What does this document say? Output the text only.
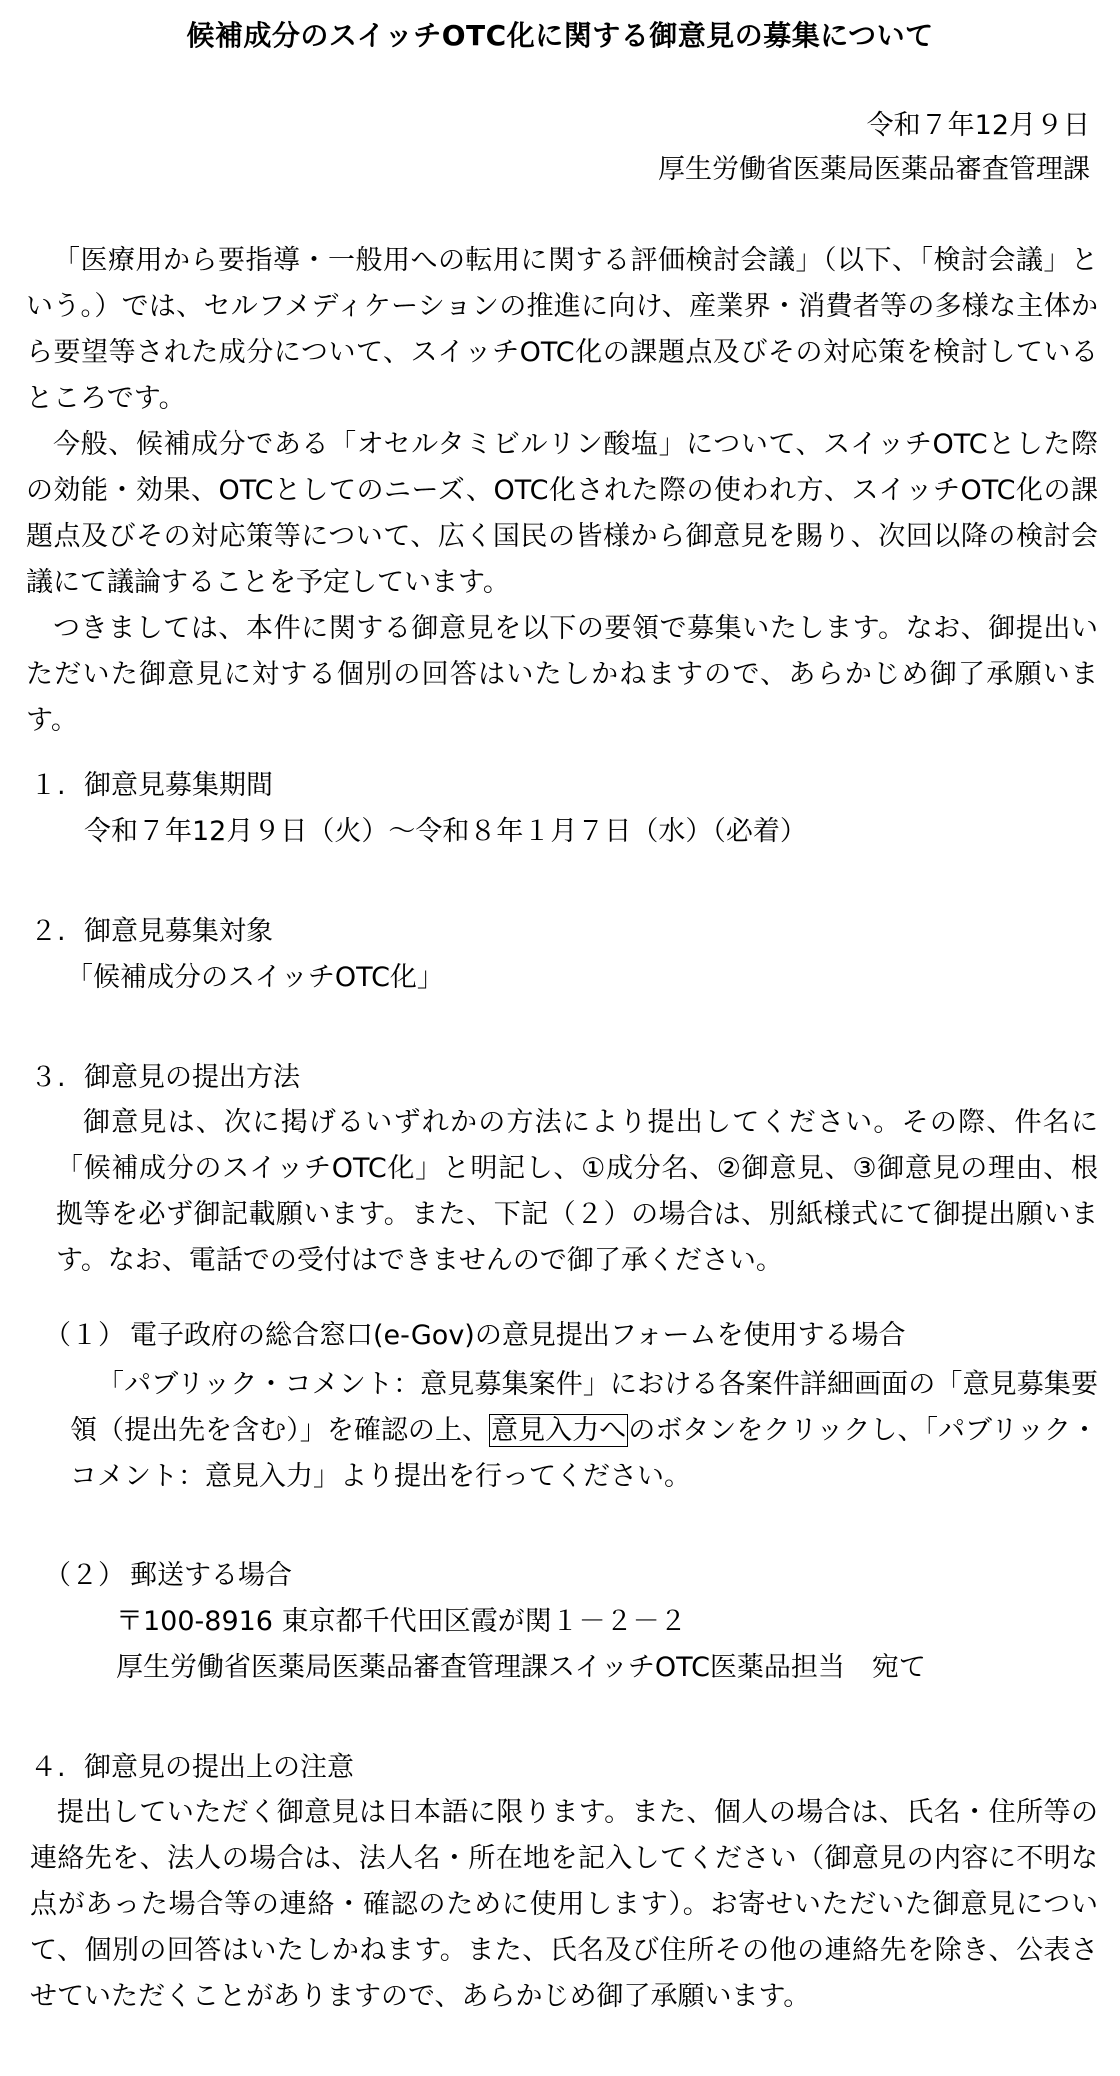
候補成分のスイッチOTC化に関する御意見の募集について
令和７年12月９日
厚生労働省医薬局医薬品審査管理課

「医療用から要指導・一般用への転用に関する評価検討会議」（以下、「検討会議」という。）では、セルフメディケーションの推進に向け、産業界・消費者等の多様な主体から要望等された成分について、スイッチOTC化の課題点及びその対応策を検討しているところです。

今般、候補成分である「オセルタミビルリン酸塩」について、スイッチOTCとした際の効能・効果、OTCとしてのニーズ、OTC化された際の使われ方、スイッチOTC化の課題点及びその対応策等について、広く国民の皆様から御意見を賜り、次回以降の検討会議にて議論することを予定しています。

つきましては、本件に関する御意見を以下の要領で募集いたします。なお、御提出いただいた御意見に対する個別の回答はいたしかねますので、あらかじめ御了承願います。

１. 御意見募集期間
令和７年12月９日（火）～令和８年１月７日（水）（必着）
２. 御意見募集対象
「候補成分のスイッチOTC化」
３. 御意見の提出方法

御意見は、次に掲げるいずれかの方法により提出してください。その際、件名に「候補成分のスイッチOTC化」と明記し、①成分名、②御意見、③御意見の理由、根拠等を必ず御記載願います。また、下記（２）の場合は、別紙様式にて御提出願います。なお、電話での受付はできませんので御了承ください。

（１） 電子政府の総合窓口(e-Gov)の意見提出フォームを使用する場合

「パブリック・コメント：意見募集案件」における各案件詳細画面の「意見募集要領（提出先を含む）」を確認の上、意見入力へのボタンをクリックし、「パブリック・コメント：意見入力」より提出を行ってください。

（２） 郵送する場合
〒100-8916 東京都千代田区霞が関１－２－２
厚生労働省医薬局医薬品審査管理課スイッチOTC医薬品担当　宛て
４. 御意見の提出上の注意

提出していただく御意見は日本語に限ります。また、個人の場合は、氏名・住所等の連絡先を、法人の場合は、法人名・所在地を記入してください（御意見の内容に不明な点があった場合等の連絡・確認のために使用します）。お寄せいただいた御意見について、個別の回答はいたしかねます。また、氏名及び住所その他の連絡先を除き、公表させていただくことがありますので、あらかじめ御了承願います。
